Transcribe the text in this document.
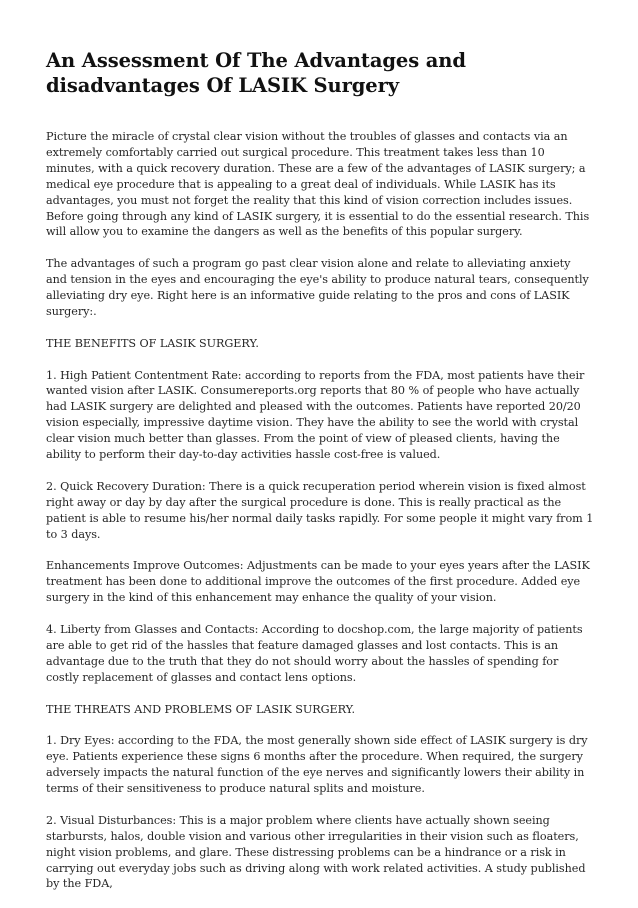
An Assessment Of The Advantages and disadvantages Of LASIK Surgery

Picture the miracle of crystal clear vision without the troubles of glasses and contacts via an extremely comfortably carried out surgical procedure. This treatment takes less than 10 minutes, with a quick recovery duration. These are a few of the advantages of LASIK surgery; a medical eye procedure that is appealing to a great deal of individuals. While LASIK has its advantages, you must not forget the reality that this kind of vision correction includes issues. Before going through any kind of LASIK surgery, it is essential to do the essential research. This will allow you to examine the dangers as well as the benefits of this popular surgery.

The advantages of such a program go past clear vision alone and relate to alleviating anxiety and tension in the eyes and encouraging the eye's ability to produce natural tears, consequently alleviating dry eye. Right here is an informative guide relating to the pros and cons of LASIK surgery:.

THE BENEFITS OF LASIK SURGERY.

1. High Patient Contentment Rate: according to reports from the FDA, most patients have their wanted vision after LASIK. Consumereports.org reports that 80 % of people who have actually had LASIK surgery are delighted and pleased with the outcomes. Patients have reported 20/20 vision especially, impressive daytime vision. They have the ability to see the world with crystal clear vision much better than glasses. From the point of view of pleased clients, having the ability to perform their day-to-day activities hassle cost-free is valued.

2. Quick Recovery Duration: There is a quick recuperation period wherein vision is fixed almost right away or day by day after the surgical procedure is done. This is really practical as the patient is able to resume his/her normal daily tasks rapidly. For some people it might vary from 1 to 3 days.

Enhancements Improve Outcomes: Adjustments can be made to your eyes years after the LASIK treatment has been done to additional improve the outcomes of the first procedure. Added eye surgery in the kind of this enhancement may enhance the quality of your vision.

4. Liberty from Glasses and Contacts: According to docshop.com, the large majority of patients are able to get rid of the hassles that feature damaged glasses and lost contacts. This is an advantage due to the truth that they do not should worry about the hassles of spending for costly replacement of glasses and contact lens options.

THE THREATS AND PROBLEMS OF LASIK SURGERY.

1. Dry Eyes: according to the FDA, the most generally shown side effect of LASIK surgery is dry eye. Patients experience these signs 6 months after the procedure. When required, the surgery adversely impacts the natural function of the eye nerves and significantly lowers their ability in terms of their sensitiveness to produce natural splits and moisture.

2. Visual Disturbances: This is a major problem where clients have actually shown seeing starbursts, halos, double vision and various other irregularities in their vision such as floaters, night vision problems, and glare. These distressing problems can be a hindrance or a risk in carrying out everyday jobs such as driving along with work related activities. A study published by the FDA,
